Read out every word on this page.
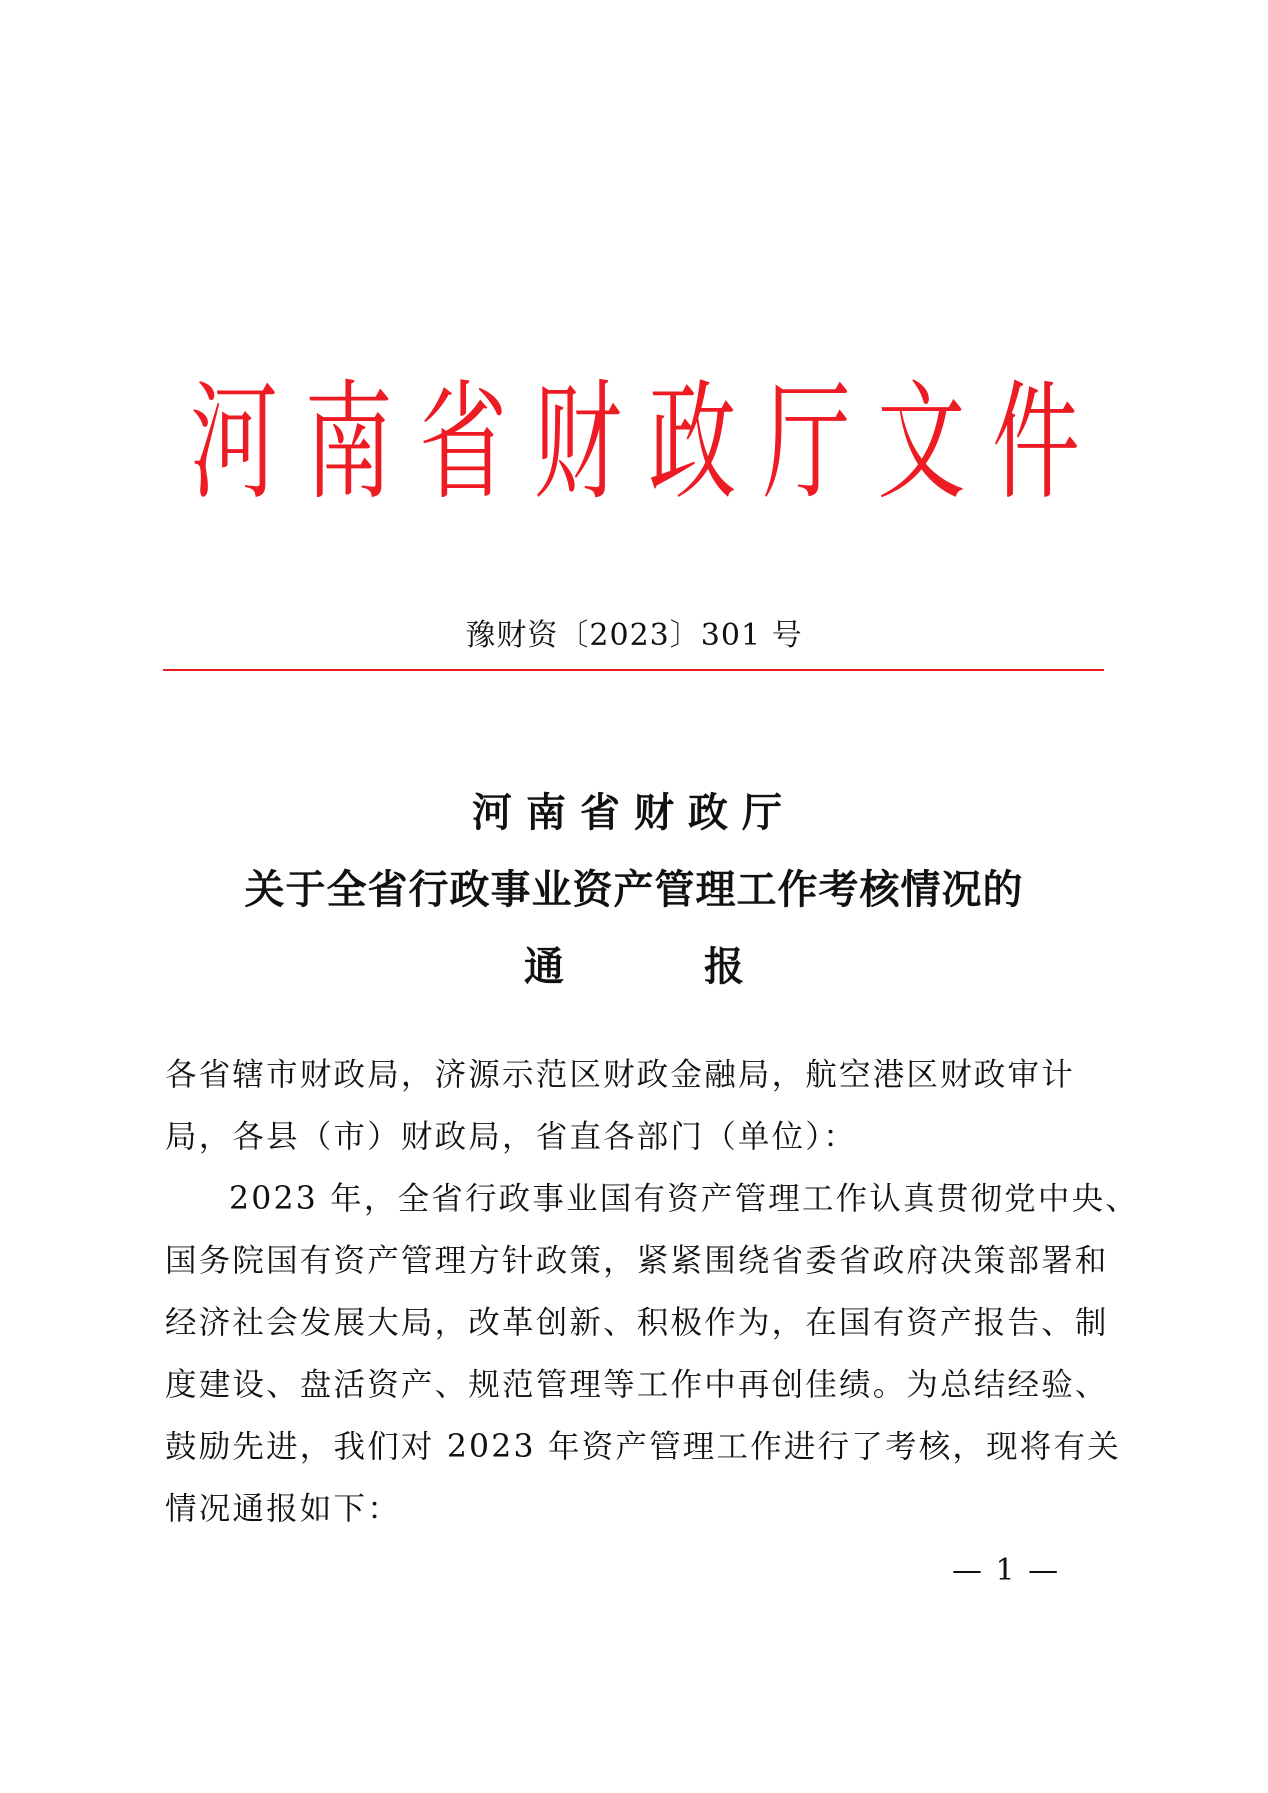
河 南 省 财 政 厅 文 件
豫财资〔2023〕301 号
河南省财政厅
关于全省行政事业资产管理工作考核情况的
通	报

各省辖市财政局，济源示范区财政金融局，航空港区财政审计
局，各县（市）财政局，省直各部门（单位）：

2023 年，全省行政事业国有资产管理工作认真贯彻党中央、
国务院国有资产管理方针政策，紧紧围绕省委省政府决策部署和
经济社会发展大局，改革创新、积极作为，在国有资产报告、制
度建设、盘活资产、规范管理等工作中再创佳绩。为总结经验、
鼓励先进，我们对 2023 年资产管理工作进行了考核，现将有关
情况通报如下：

— 1 —
